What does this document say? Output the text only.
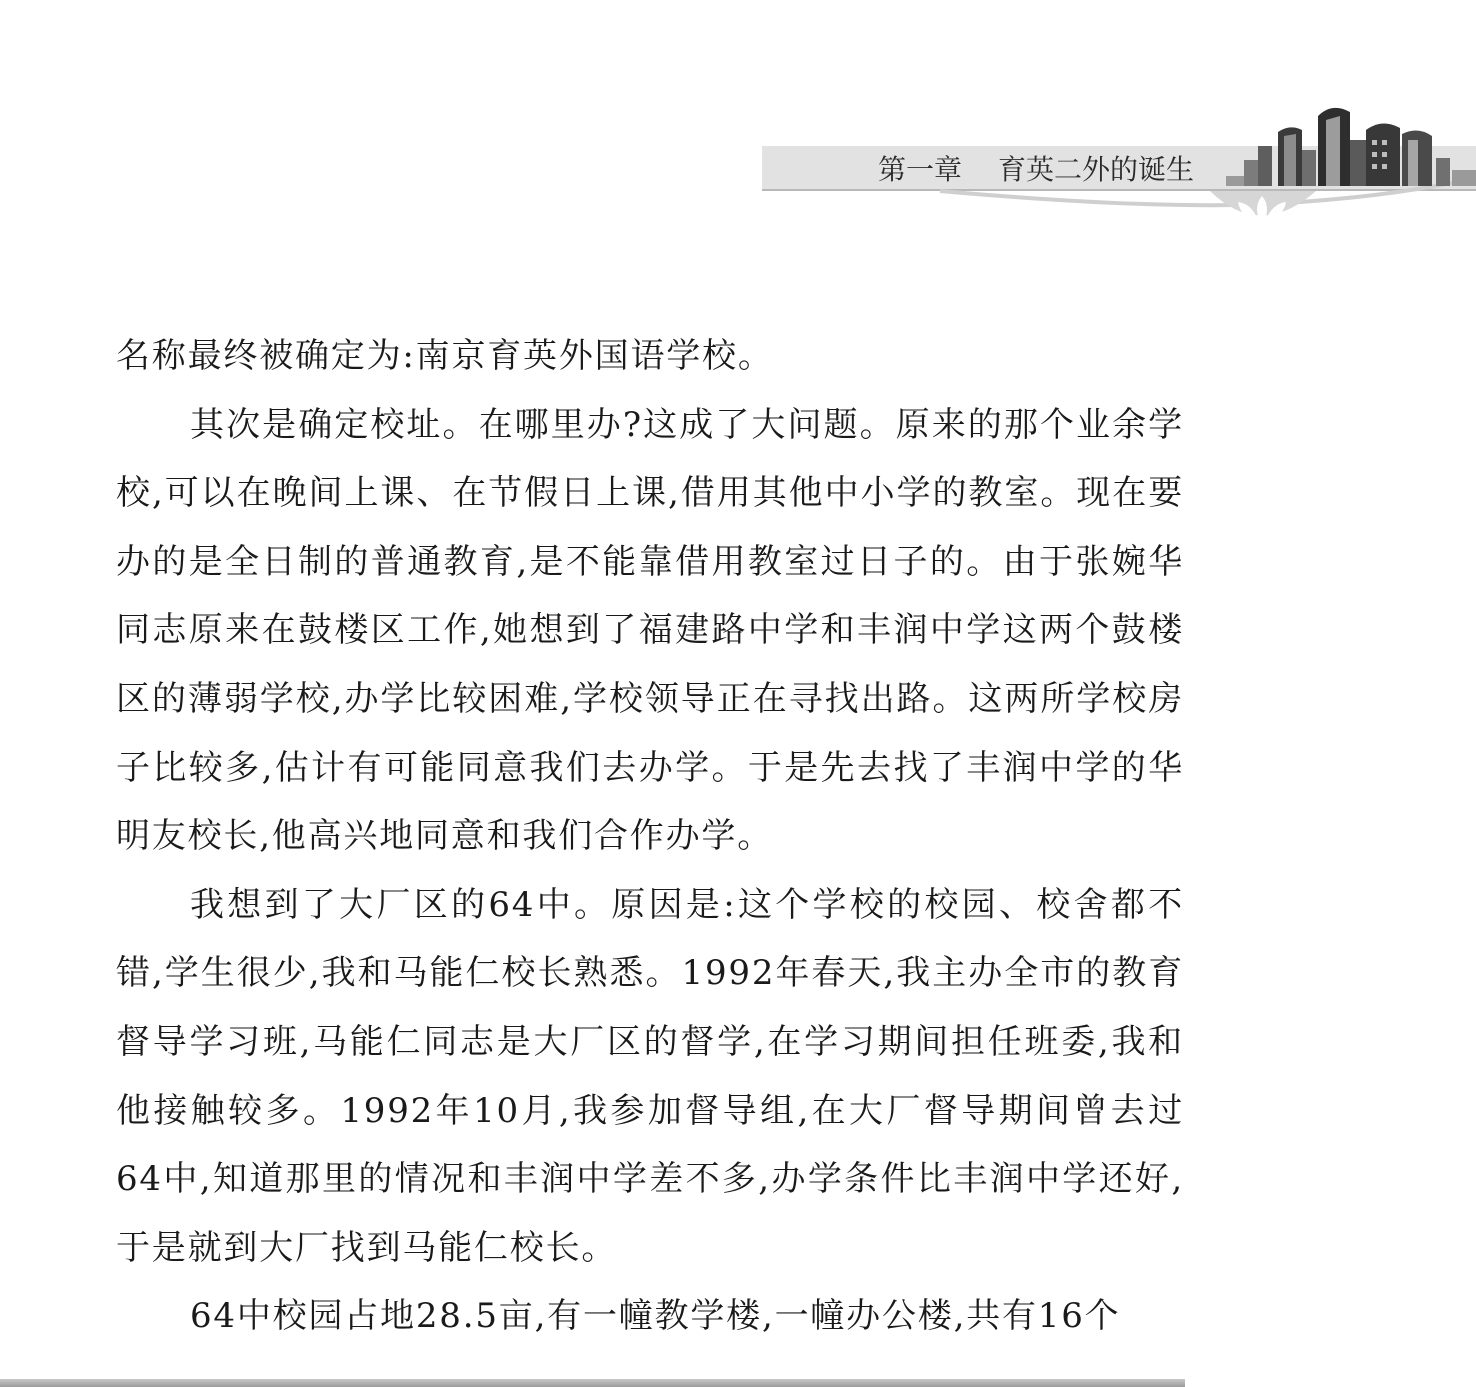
第一章 育英二外的诞生

名称最终被确定为:南京育英外国语学校。

其次是确定校址。在哪里办?这成了大问题。原来的那个业余学校,可以在晚间上课、在节假日上课,借用其他中小学的教室。现在要办的是全日制的普通教育,是不能靠借用教室过日子的。由于张婉华同志原来在鼓楼区工作,她想到了福建路中学和丰润中学这两个鼓楼区的薄弱学校,办学比较困难,学校领导正在寻找出路。这两所学校房子比较多,估计有可能同意我们去办学。于是先去找了丰润中学的华明友校长,他高兴地同意和我们合作办学。

我想到了大厂区的64中。原因是:这个学校的校园、校舍都不错,学生很少,我和马能仁校长熟悉。1992年春天,我主办全市的教育督导学习班,马能仁同志是大厂区的督学,在学习期间担任班委,我和他接触较多。1992年10月,我参加督导组,在大厂督导期间曾去过64中,知道那里的情况和丰润中学差不多,办学条件比丰润中学还好,于是就到大厂找到马能仁校长。

64中校园占地28.5亩,有一幢教学楼,一幢办公楼,共有16个
